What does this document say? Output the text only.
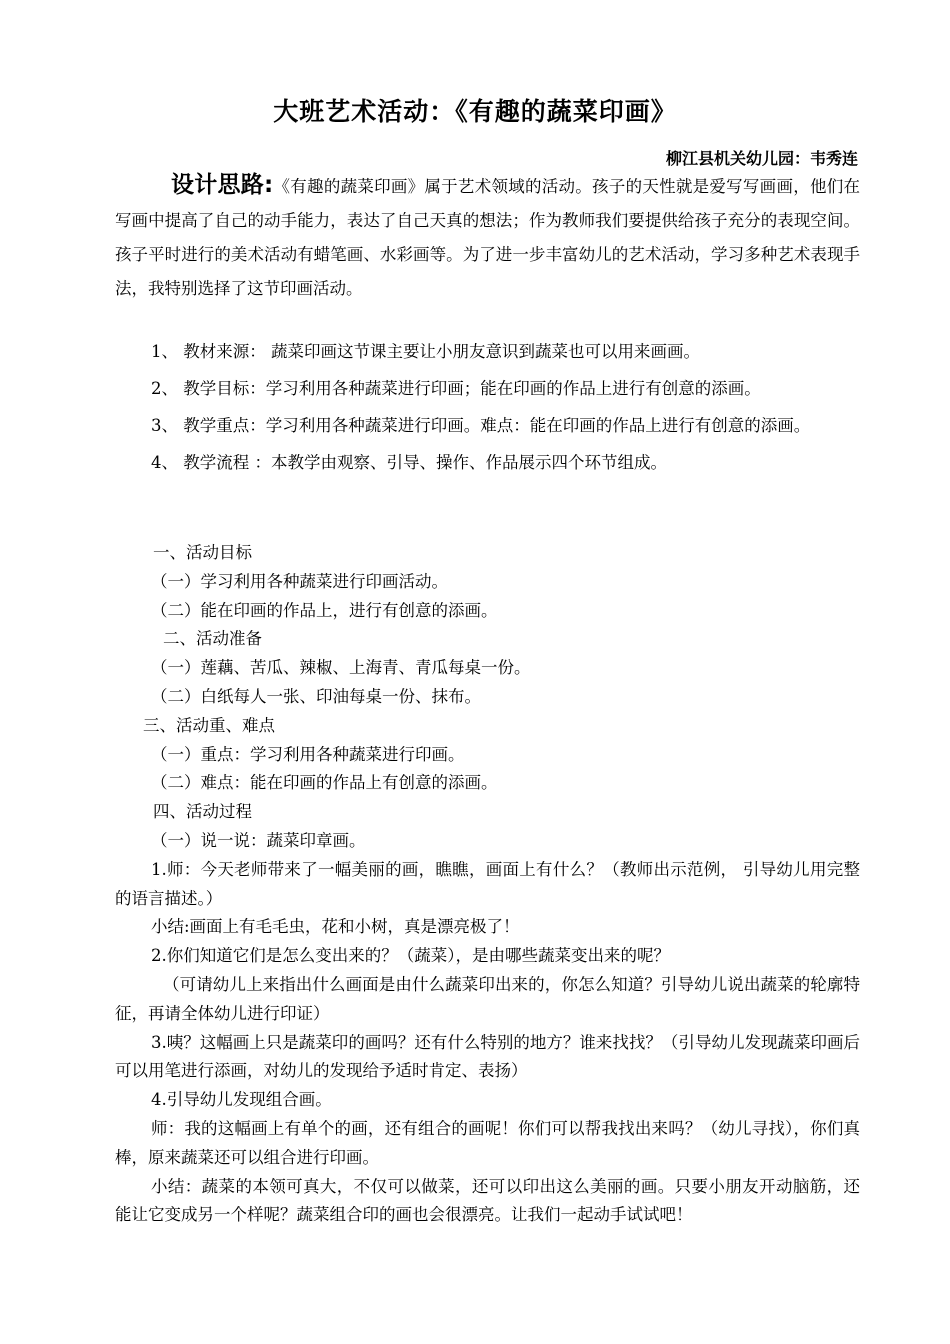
大班艺术活动：《有趣的蔬菜印画》
柳江县机关幼儿园：韦秀连
设计思路:《有趣的蔬菜印画》属于艺术领域的活动。孩子的天性就是爱写写画画，他们在写画中提高了自己的动手能力，表达了自己天真的想法；作为教师我们要提供给孩子充分的表现空间。孩子平时进行的美术活动有蜡笔画、水彩画等。为了进一步丰富幼儿的艺术活动，学习多种艺术表现手法，我特别选择了这节印画活动。
1、 教材来源： 蔬菜印画这节课主要让小朋友意识到蔬菜也可以用来画画。
2、 教学目标：学习利用各种蔬菜进行印画；能在印画的作品上进行有创意的添画。
3、 教学重点：学习利用各种蔬菜进行印画。难点：能在印画的作品上进行有创意的添画。
4、 教学流程 ：本教学由观察、引导、操作、作品展示四个环节组成。
一、活动目标
（一）学习利用各种蔬菜进行印画活动。
（二）能在印画的作品上，进行有创意的添画。
二、活动准备
（一）莲藕、苦瓜、辣椒、上海青、青瓜每桌一份。
（二）白纸每人一张、印油每桌一份、抹布。
三、活动重、难点
（一）重点：学习利用各种蔬菜进行印画。
（二）难点：能在印画的作品上有创意的添画。
四、活动过程
（一）说一说：蔬菜印章画。
1.师：今天老师带来了一幅美丽的画，瞧瞧，画面上有什么？（教师出示范例， 引导幼儿用完整的语言描述。）
小结:画面上有毛毛虫，花和小树，真是漂亮极了！
2.你们知道它们是怎么变出来的？（蔬菜），是由哪些蔬菜变出来的呢？
（可请幼儿上来指出什么画面是由什么蔬菜印出来的，你怎么知道？引导幼儿说出蔬菜的轮廓特征，再请全体幼儿进行印证）
3.咦？这幅画上只是蔬菜印的画吗？还有什么特别的地方？谁来找找？（引导幼儿发现蔬菜印画后可以用笔进行添画，对幼儿的发现给予适时肯定、表扬）
4.引导幼儿发现组合画。
师：我的这幅画上有单个的画，还有组合的画呢！你们可以帮我找出来吗？（幼儿寻找），你们真棒，原来蔬菜还可以组合进行印画。
小结：蔬菜的本领可真大，不仅可以做菜，还可以印出这么美丽的画。只要小朋友开动脑筋，还能让它变成另一个样呢？蔬菜组合印的画也会很漂亮。让我们一起动手试试吧！
